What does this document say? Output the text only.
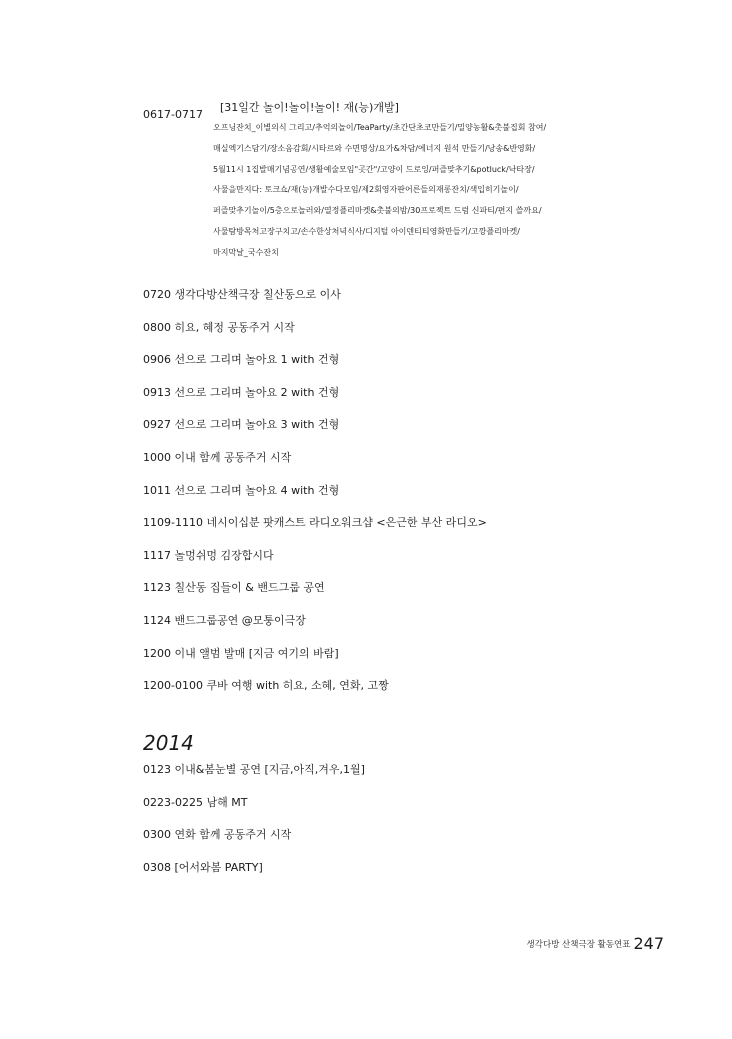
0617-0717
[31일간 놀이!놀이!놀이! 재(능)개발]
오프닝잔치_이별의식 그리고/추억의놀이/TeaParty/초간단초코만들기/밀양농활&촛불집회 참여/
매실엑기스담기/장소음감회/시타르와 수면명상/요가&차담/에너지 원석 만들기/낭송&반영화/
5월11시 1집발매기념공연/생활예술모임"곳간"/고양이 드로잉/퍼즐맞추기&potluck/낙타장/
사물을만지다: 토크쇼/재(능)개발수다모임/제2회영자판어른들의재롱잔치/색입히기놀이/
퍼즐맞추기놀이/5층으로놀러와/열정플리마켓&촛불의밤/30프로젝트 드럼 신파티/편지 쓸까요/
사물탐방목처고장구치고/손수한상처녁식사/디지털 아이덴티티영화만들기/고깡플리마켓/
마지막날_국수잔치
0720 생각다방산책극장 칠산동으로 이사
0800 히요, 혜정 공동주거 시작
0906 선으로 그리며 놀아요 1 with 건형
0913 선으로 그리며 놀아요 2 with 건형
0927 선으로 그리며 놀아요 3 with 건형
1000 이내 함께 공동주거 시작
1011 선으로 그리며 놀아요 4 with 건형
1109-1110 네시이십분 팟캐스트 라디오워크샵 <은근한 부산 라디오>
1117 놀멍쉬멍 김장합시다
1123 칠산동 집들이 & 밴드그룹 공연
1124 밴드그룹공연 @모퉁이극장
1200 이내 앨범 발매 [지금 여기의 바람]
1200-0100 쿠바 여행 with 히요, 소혜, 연화, 고짱
2014
0123 이내&봄눈별 공연 [지금,아직,겨우,1월]
0223-0225 남해 MT
0300 연화 함께 공동주거 시작
0308 [어서와봄 PARTY]
생각다방 산책극장 활동연표 247
